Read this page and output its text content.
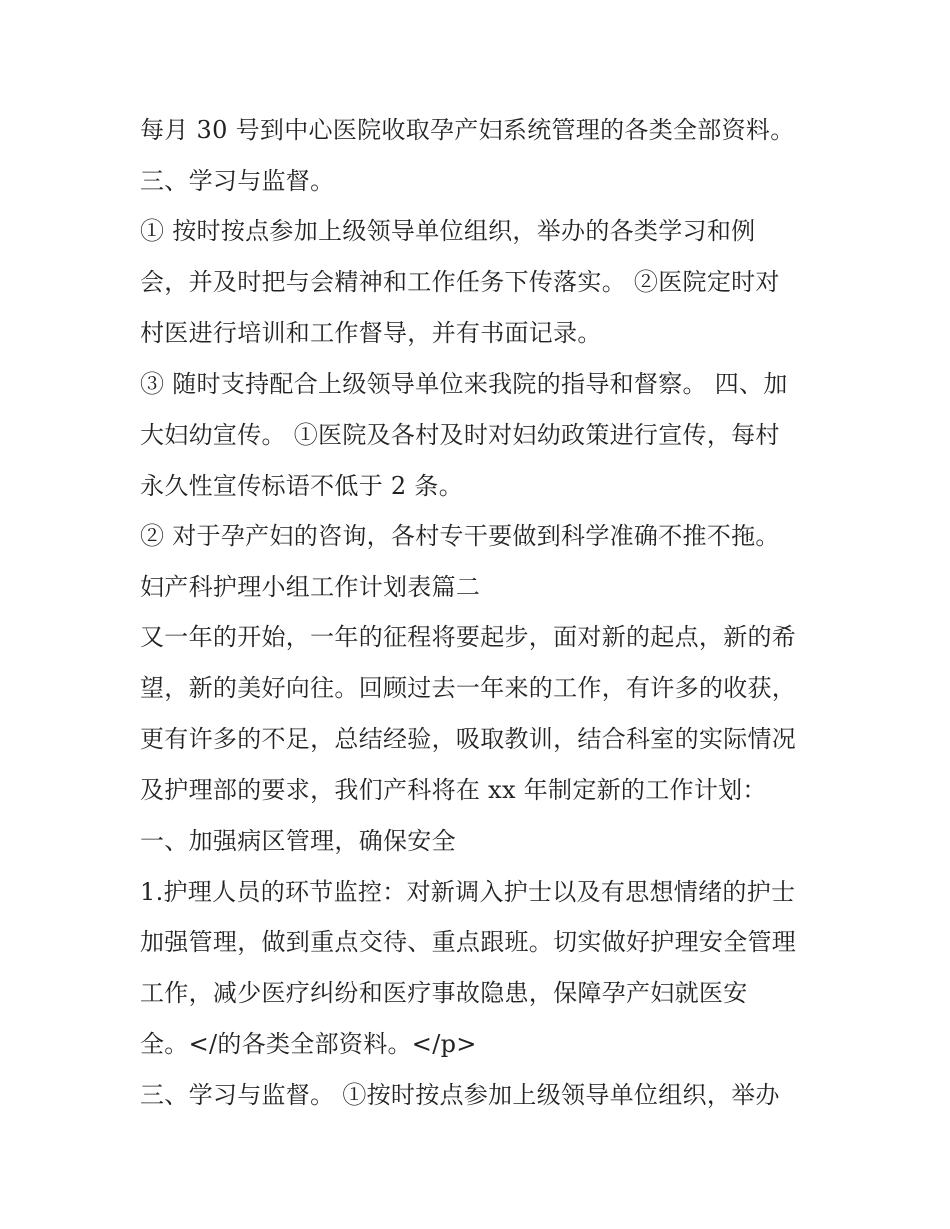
每月 30 号到中心医院收取孕产妇系统管理的各类全部资料。
三、学习与监督。
① 按时按点参加上级领导单位组织，举办的各类学习和例
会，并及时把与会精神和工作任务下传落实。 ②医院定时对
村医进行培训和工作督导，并有书面记录。
③ 随时支持配合上级领导单位来我院的指导和督察。 四、加
大妇幼宣传。 ①医院及各村及时对妇幼政策进行宣传，每村
永久性宣传标语不低于 2 条。
② 对于孕产妇的咨询，各村专干要做到科学准确不推不拖。
妇产科护理小组工作计划表篇二
又一年的开始，一年的征程将要起步，面对新的起点，新的希
望，新的美好向往。回顾过去一年来的工作，有许多的收获，
更有许多的不足，总结经验，吸取教训，结合科室的实际情况
及护理部的要求，我们产科将在 xx 年制定新的工作计划：
一、加强病区管理，确保安全
1.护理人员的环节监控：对新调入护士以及有思想情绪的护士
加强管理，做到重点交待、重点跟班。切实做好护理安全管理
工作，减少医疗纠纷和医疗事故隐患，保障孕产妇就医安
全。</的各类全部资料。</p>
三、学习与监督。 ①按时按点参加上级领导单位组织，举办
